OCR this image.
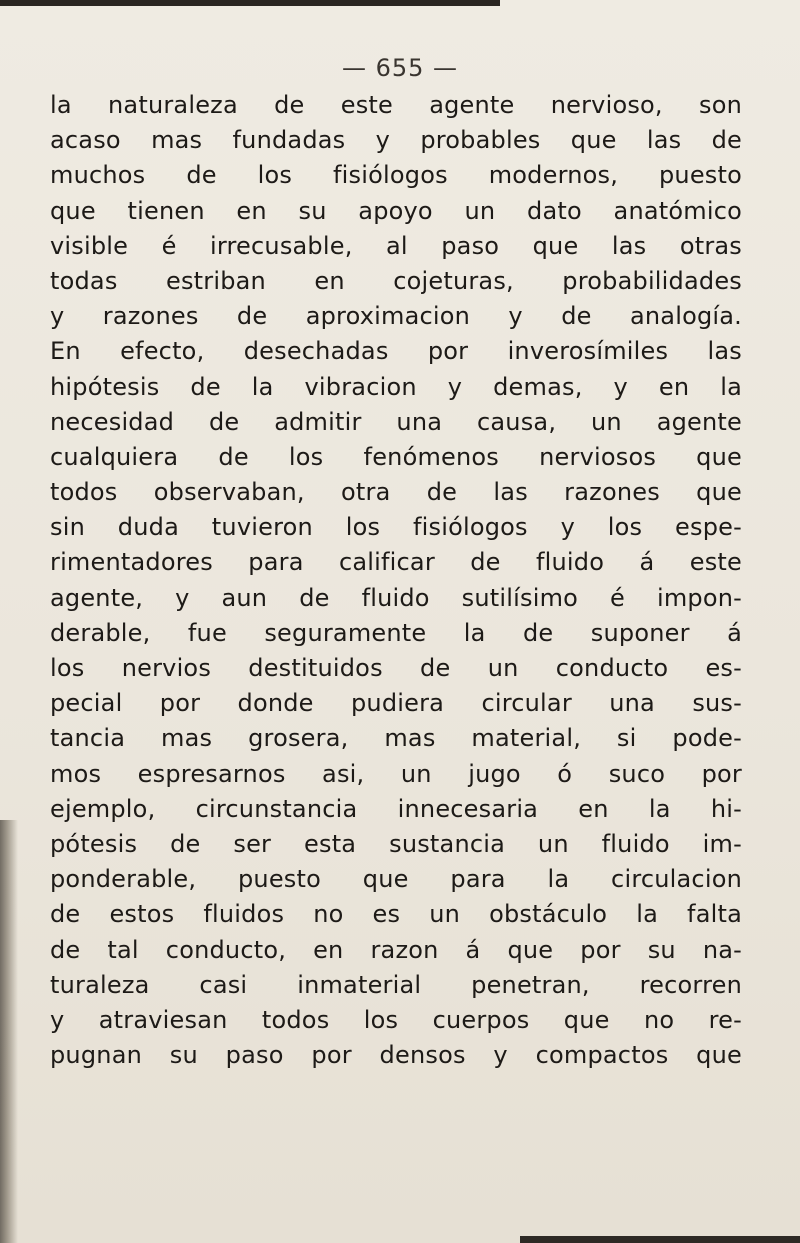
— 655 —
la naturaleza de este agente nervioso, son
acaso mas fundadas y probables que las de
muchos de los fisiólogos modernos, puesto
que tienen en su apoyo un dato anatómico
visible é irrecusable, al paso que las otras
todas estriban en cojeturas, probabilidades
y razones de aproximacion y de analogía.
En efecto, desechadas por inverosímiles las
hipótesis de la vibracion y demas, y en la
necesidad de admitir una causa, un agente
cualquiera de los fenómenos nerviosos que
todos observaban, otra de las razones que
sin duda tuvieron los fisiólogos y los espe-
rimentadores para calificar de fluido á este
agente, y aun de fluido sutilísimo é impon-
derable, fue seguramente la de suponer á
los nervios destituidos de un conducto es-
pecial por donde pudiera circular una sus-
tancia mas grosera, mas material, si pode-
mos espresarnos asi, un jugo ó suco por
ejemplo, circunstancia innecesaria en la hi-
pótesis de ser esta sustancia un fluido im-
ponderable, puesto que para la circulacion
de estos fluidos no es un obstáculo la falta
de tal conducto, en razon á que por su na-
turaleza casi inmaterial penetran, recorren
y atraviesan todos los cuerpos que no re-
pugnan su paso por densos y compactos que
